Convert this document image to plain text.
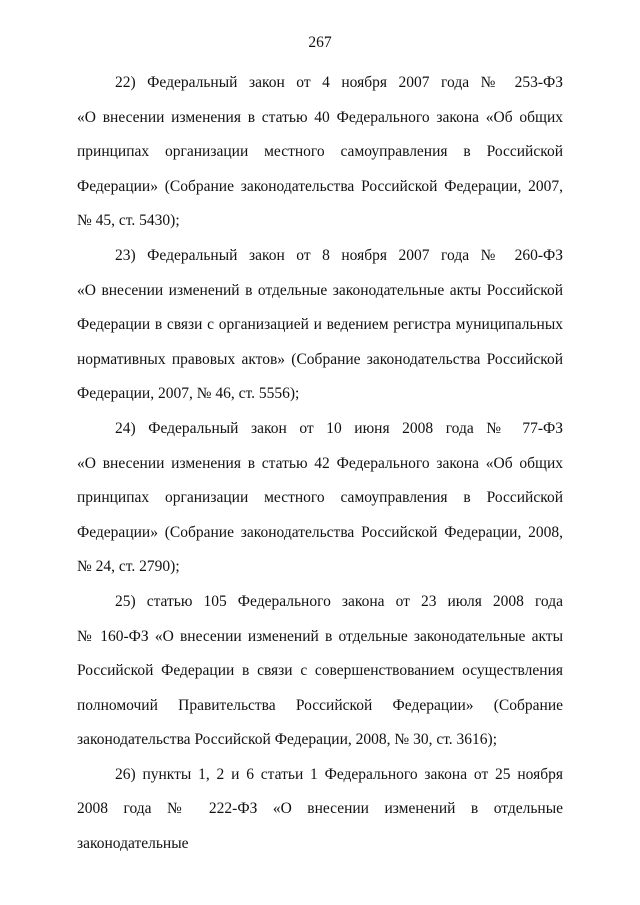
267
22) Федеральный закон от 4 ноября 2007 года № 253-ФЗ
«О внесении изменения в статью 40 Федерального закона «Об общих
принципах организации местного самоуправления в Российской
Федерации» (Собрание законодательства Российской Федерации, 2007,
№ 45, ст. 5430);
23) Федеральный закон от 8 ноября 2007 года № 260-ФЗ
«О внесении изменений в отдельные законодательные акты Российской
Федерации в связи с организацией и ведением регистра муниципальных
нормативных правовых актов» (Собрание законодательства Российской
Федерации, 2007, № 46, ст. 5556);
24) Федеральный закон от 10 июня 2008 года № 77-ФЗ
«О внесении изменения в статью 42 Федерального закона «Об общих
принципах организации местного самоуправления в Российской
Федерации» (Собрание законодательства Российской Федерации, 2008,
№ 24, ст. 2790);
25) статью 105 Федерального закона от 23 июля 2008 года
№ 160-ФЗ «О внесении изменений в отдельные законодательные акты
Российской Федерации в связи с совершенствованием осуществления
полномочий Правительства Российской Федерации» (Собрание
законодательства Российской Федерации, 2008, № 30, ст. 3616);
26) пункты 1, 2 и 6 статьи 1 Федерального закона от 25 ноября
2008 года № 222-ФЗ «О внесении изменений в отдельные законодательные
